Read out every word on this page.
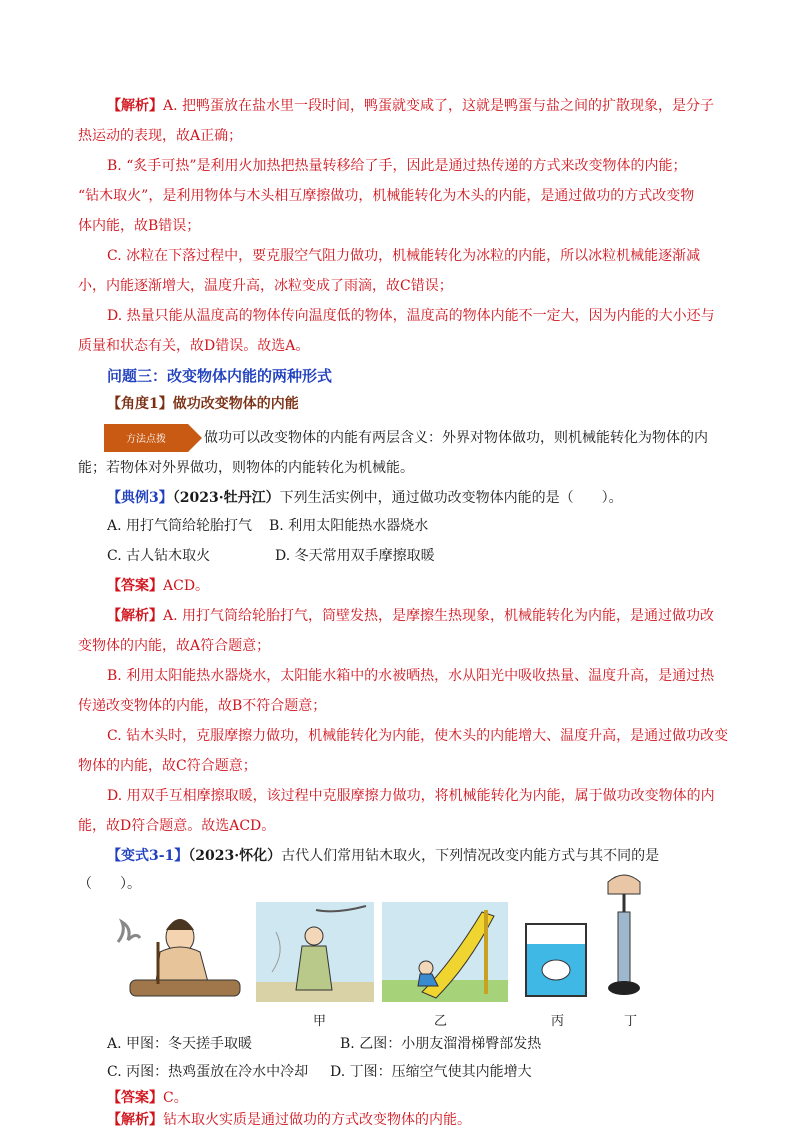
【解析】A. 把鸭蛋放在盐水里一段时间，鸭蛋就变咸了，这就是鸭蛋与盐之间的扩散现象，是分子
热运动的表现，故A正确；
B. “炙手可热”是利用火加热把热量转移给了手，因此是通过热传递的方式来改变物体的内能；
“钻木取火”，是利用物体与木头相互摩擦做功，机械能转化为木头的内能，是通过做功的方式改变物
体内能，故B错误；
C. 冰粒在下落过程中，要克服空气阻力做功，机械能转化为冰粒的内能，所以冰粒机械能逐渐减
小，内能逐渐增大，温度升高，冰粒变成了雨滴，故C错误；
D. 热量只能从温度高的物体传向温度低的物体，温度高的物体内能不一定大，因为内能的大小还与
质量和状态有关，故D错误。故选A。
问题三：改变物体内能的两种形式
【角度1】做功改变物体的内能
方法点拨	做功可以改变物体的内能有两层含义：外界对物体做功，则机械能转化为物体的内
能；若物体对外界做功，则物体的内能转化为机械能。
【典例3】（2023·牡丹江）下列生活实例中，通过做功改变物体内能的是（　　）。
A. 用打气筒给轮胎打气 B. 利用太阳能热水器烧水
C. 古人钻木取火	D. 冬天常用双手摩擦取暖
【答案】ACD。
【解析】A. 用打气筒给轮胎打气，筒壁发热，是摩擦生热现象，机械能转化为内能，是通过做功改
变物体的内能，故A符合题意；
B. 利用太阳能热水器烧水，太阳能水箱中的水被晒热，水从阳光中吸收热量、温度升高，是通过热
传递改变物体的内能，故B不符合题意；
C. 钻木头时，克服摩擦力做功，机械能转化为内能，使木头的内能增大、温度升高，是通过做功改变
物体的内能，故C符合题意；
D. 用双手互相摩擦取暖，该过程中克服摩擦力做功，将机械能转化为内能，属于做功改变物体的内
能，故D符合题意。故选ACD。
【变式3-1】（2023·怀化）古代人们常用钻木取火，下列情况改变内能方式与其不同的是
（　　）。
甲	乙	丙	丁
A. 甲图：冬天搓手取暖	B. 乙图：小朋友溜滑梯臀部发热
C. 丙图：热鸡蛋放在冷水中冷却 D. 丁图：压缩空气使其内能增大
【答案】C。
【解析】钻木取火实质是通过做功的方式改变物体的内能。
